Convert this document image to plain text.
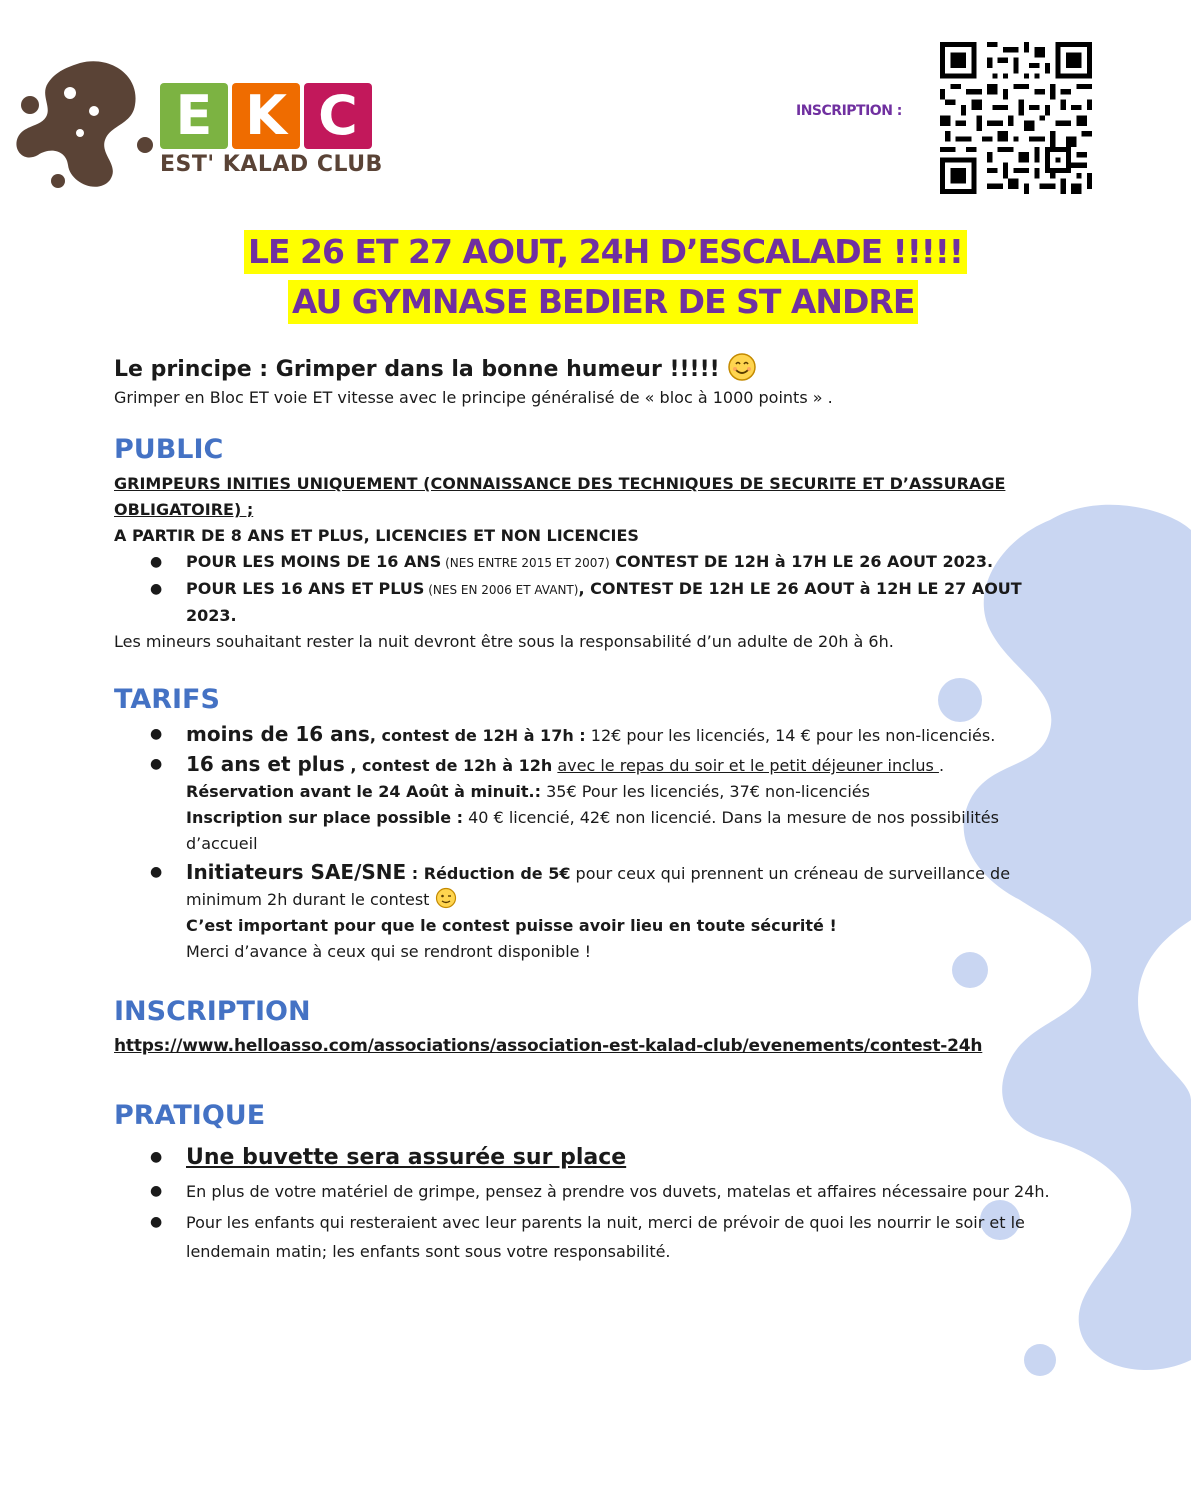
E K C
EST' KALAD CLUB
INSCRIPTION :
LE 26 ET 27 AOUT, 24H D’ESCALADE !!!!!
AU GYMNASE BEDIER DE ST ANDRE

Le principe : Grimper dans la bonne humeur !!!!!

Grimper en Bloc ET voie ET vitesse avec le principe généralisé de « bloc à 1000 points » .

PUBLIC

GRIMPEURS INITIES UNIQUEMENT (CONNAISSANCE DES TECHNIQUES DE SECURITE ET D’ASSURAGE OBLIGATOIRE) ;

A PARTIR DE 8 ANS ET PLUS, LICENCIES ET NON LICENCIES

● POUR LES MOINS DE 16 ANS (NES ENTRE 2015 ET 2007) CONTEST DE 12H à 17H LE 26 AOUT 2023.
● POUR LES 16 ANS ET PLUS (NES EN 2006 ET AVANT), CONTEST DE 12H LE 26 AOUT à 12H LE 27 AOUT 2023.

Les mineurs souhaitant rester la nuit devront être sous la responsabilité d’un adulte de 20h à 6h.

TARIFS

● moins de 16 ans, contest de 12H à 17h : 12€ pour les licenciés, 14 € pour les non-licenciés.
● 16 ans et plus , contest de 12h à 12h avec le repas du soir et le petit déjeuner inclus .
Réservation avant le 24 Août à minuit.: 35€ Pour les licenciés, 37€ non-licenciés
Inscription sur place possible : 40 € licencié, 42€ non licencié. Dans la mesure de nos possibilités d’accueil
● Initiateurs SAE/SNE : Réduction de 5€ pour ceux qui prennent un créneau de surveillance de minimum 2h durant le contest
C’est important pour que le contest puisse avoir lieu en toute sécurité !
Merci d’avance à ceux qui se rendront disponible !

INSCRIPTION

https://www.helloasso.com/associations/association-est-kalad-club/evenements/contest-24h

PRATIQUE

● Une buvette sera assurée sur place
● En plus de votre matériel de grimpe, pensez à prendre vos duvets, matelas et affaires nécessaire pour 24h.
● Pour les enfants qui resteraient avec leur parents la nuit, merci de prévoir de quoi les nourrir le soir et le lendemain matin; les enfants sont sous votre responsabilité.
